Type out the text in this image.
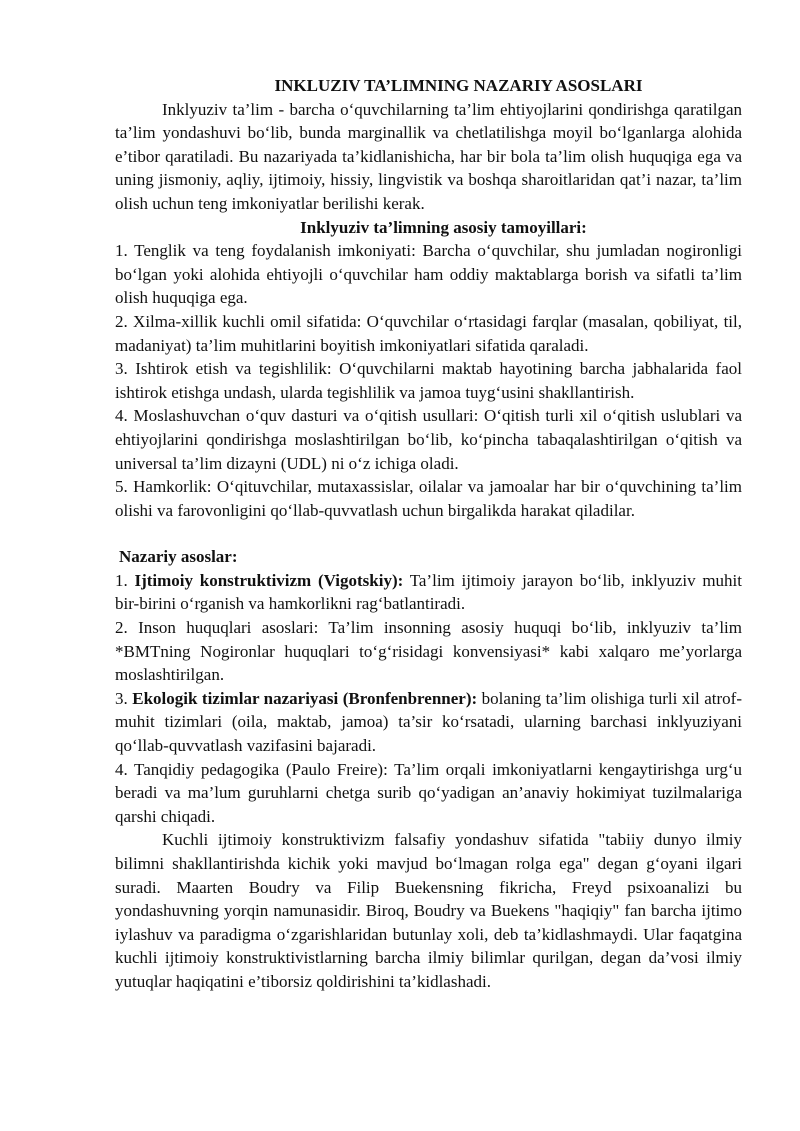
INKLUZIV TA’LIMNING NAZARIY ASOSLARI

Inklyuziv ta’lim - barcha o‘quvchilarning ta’lim ehtiyojlarini qondirishga qaratilgan ta’lim yondashuvi bo‘lib, bunda marginallik va chetlatilishga moyil bo‘lganlarga alohida e’tibor qaratiladi. Bu nazariyada ta’kidlanishicha, har bir bola ta’lim olish huquqiga ega va uning jismoniy, aqliy, ijtimoiy, hissiy, lingvistik va boshqa sharoitlaridan qat’i nazar, ta’lim olish uchun teng imkoniyatlar berilishi kerak.

Inklyuziv ta’limning asosiy tamoyillari:

1. Tenglik va teng foydalanish imkoniyati: Barcha o‘quvchilar, shu jumladan nogironligi bo‘lgan yoki alohida ehtiyojli o‘quvchilar ham oddiy maktablarga borish va sifatli ta’lim olish huquqiga ega.
2. Xilma-xillik kuchli omil sifatida: O‘quvchilar o‘rtasidagi farqlar (masalan, qobiliyat, til, madaniyat) ta’lim muhitlarini boyitish imkoniyatlari sifatida qaraladi.
3. Ishtirok etish va tegishlilik: O‘quvchilarni maktab hayotining barcha jabhalarida faol ishtirok etishga undash, ularda tegishlilik va jamoa tuyg‘usini shakllantirish.
4. Moslashuvchan o‘quv dasturi va o‘qitish usullari: O‘qitish turli xil o‘qitish uslublari va ehtiyojlarini qondirishga moslashtirilgan bo‘lib, ko‘pincha tabaqalashtirilgan o‘qitish va universal ta’lim dizayni (UDL) ni o‘z ichiga oladi.
5. Hamkorlik: O‘qituvchilar, mutaxassislar, oilalar va jamoalar har bir o‘quvchining ta’lim olishi va farovonligini qo‘llab-quvvatlash uchun birgalikda harakat qiladilar.

Nazariy asoslar:

1. Ijtimoiy konstruktivizm (Vigotskiy): Ta’lim ijtimoiy jarayon bo‘lib, inklyuziv muhit bir-birini o‘rganish va hamkorlikni rag‘batlantiradi.
2. Inson huquqlari asoslari: Ta’lim insonning asosiy huquqi bo‘lib, inklyuziv ta’lim *BMTning Nogironlar huquqlari to‘g‘risidagi konvensiyasi* kabi xalqaro me’yorlarga moslashtirilgan.
3. Ekologik tizimlar nazariyasi (Bronfenbrenner): bolaning ta’lim olishiga turli xil atrof-muhit tizimlari (oila, maktab, jamoa) ta’sir ko‘rsatadi, ularning barchasi inklyuziyani qo‘llab-quvvatlash vazifasini bajaradi.
4. Tanqidiy pedagogika (Paulo Freire): Ta’lim orqali imkoniyatlarni kengaytirishga urg‘u beradi va ma’lum guruhlarni chetga surib qo‘yadigan an’anaviy hokimiyat tuzilmalariga qarshi chiqadi.

Kuchli ijtimoiy konstruktivizm falsafiy yondashuv sifatida "tabiiy dunyo ilmiy bilimni shakllantirishda kichik yoki mavjud bo‘lmagan rolga ega" degan g‘oyani ilgari suradi. Maarten Boudry va Filip Buekensning fikricha, Freyd psixoanalizi bu yondashuvning yorqin namunasidir. Biroq, Boudry va Buekens "haqiqiy" fan barcha ijtimo iylashuv va paradigma o‘zgarishlaridan butunlay xoli, deb ta’kidlashmaydi. Ular faqatgina kuchli ijtimoiy konstruktivistlarning barcha ilmiy bilimlar qurilgan, degan da’vosi ilmiy yutuqlar haqiqatini e’tiborsiz qoldirishini ta’kidlashadi.
